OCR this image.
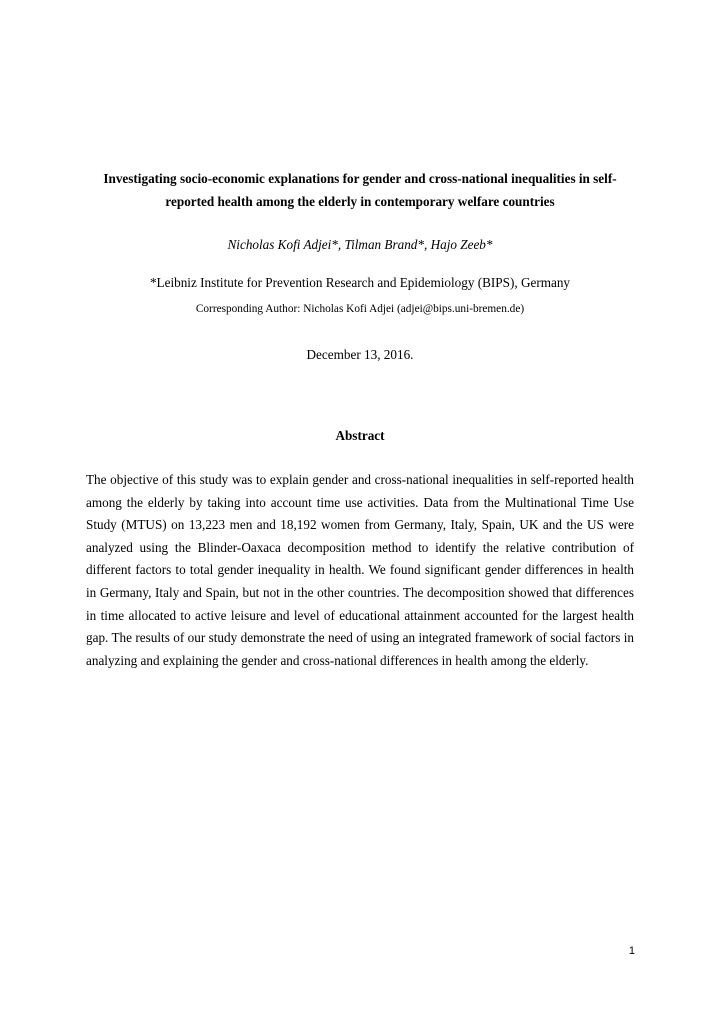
Investigating socio-economic explanations for gender and cross-national inequalities in self-reported health among the elderly in contemporary welfare countries
Nicholas Kofi Adjei*, Tilman Brand*, Hajo Zeeb*
*Leibniz Institute for Prevention Research and Epidemiology (BIPS), Germany
Corresponding Author: Nicholas Kofi Adjei (adjei@bips.uni-bremen.de)
December 13, 2016.
Abstract
The objective of this study was to explain gender and cross-national inequalities in self-reported health among the elderly by taking into account time use activities. Data from the Multinational Time Use Study (MTUS) on 13,223 men and 18,192 women from Germany, Italy, Spain, UK and the US were analyzed using the Blinder-Oaxaca decomposition method to identify the relative contribution of different factors to total gender inequality in health. We found significant gender differences in health in Germany, Italy and Spain, but not in the other countries. The decomposition showed that differences in time allocated to active leisure and level of educational attainment accounted for the largest health gap. The results of our study demonstrate the need of using an integrated framework of social factors in analyzing and explaining the gender and cross-national differences in health among the elderly.
1
